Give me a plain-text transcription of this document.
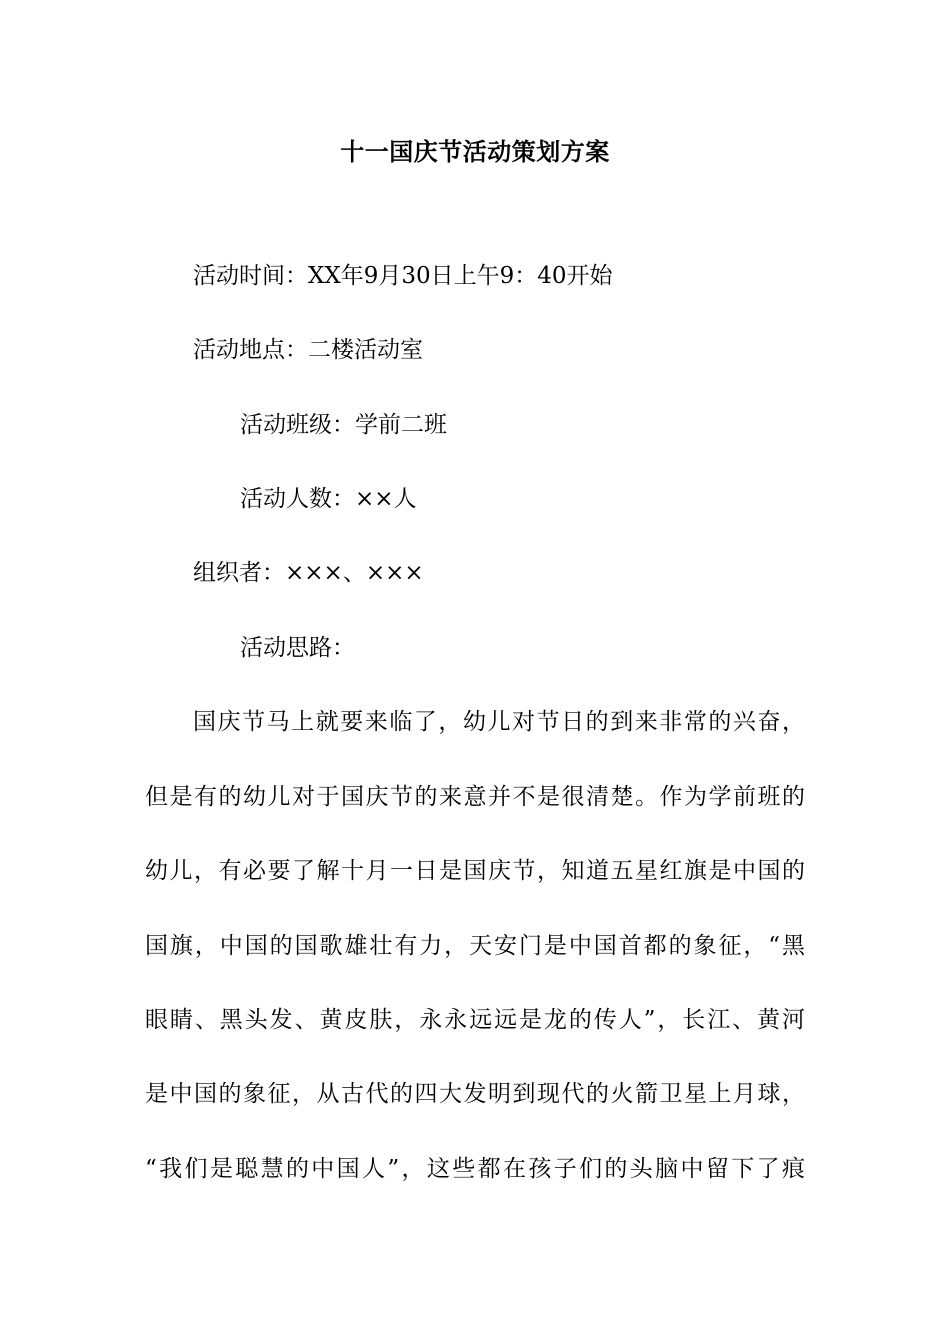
十一国庆节活动策划方案
活动时间：XX年9月30日上午9：40开始
活动地点：二楼活动室
活动班级：学前二班
活动人数：××人
组织者：×××、×××
活动思路：
国庆节马上就要来临了，幼儿对节日的到来非常的兴奋，
但是有的幼儿对于国庆节的来意并不是很清楚。作为学前班的
幼儿，有必要了解十月一日是国庆节，知道五星红旗是中国的
国旗，中国的国歌雄壮有力，天安门是中国首都的象征，“黑
眼睛、黑头发、黄皮肤，永永远远是龙的传人”，长江、黄河
是中国的象征，从古代的四大发明到现代的火箭卫星上月球，
“我们是聪慧的中国人”，这些都在孩子们的头脑中留下了痕
